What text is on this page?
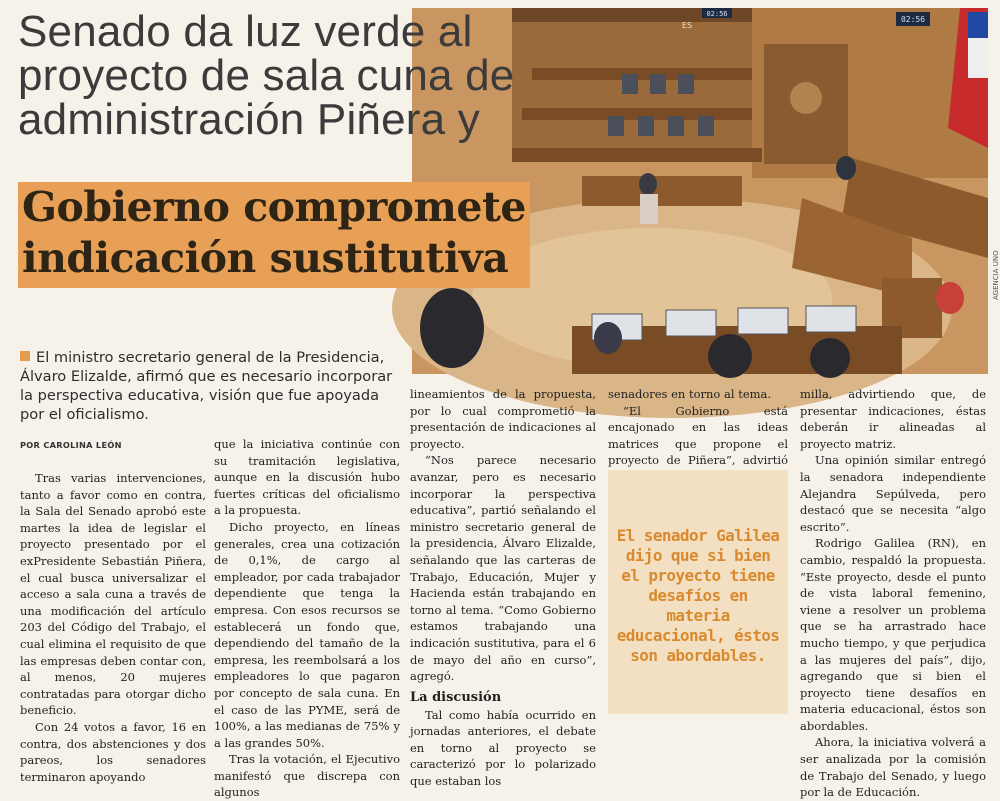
02:56
02:56
ES
AGENCIA UNO
Senado da luz verde al
proyecto de sala cuna de
administración Piñera y
Gobierno compromete
indicación sustitutiva
El ministro secretario general de la Presidencia, Álvaro Elizalde, afirmó que es necesario incorporar la perspectiva educativa, visión que fue apoyada por el oficialismo.
POR CAROLINA LEÓN

Tras varias intervenciones, tanto a favor como en contra, la Sala del Senado aprobó este martes la idea de legislar el proyecto presentado por el exPresidente Sebastián Piñera, el cual busca universalizar el acceso a sala cuna a través de una modificación del artículo 203 del Código del Trabajo, el cual elimina el requisito de que las empresas deben contar con, al menos, 20 mujeres contratadas para otorgar dicho beneficio.

Con 24 votos a favor, 16 en contra, dos abstenciones y dos pareos, los senadores terminaron apoyando

que la iniciativa continúe con su tramitación legislativa, aunque en la discusión hubo fuertes críticas del oficialismo a la propuesta.

Dicho proyecto, en líneas generales, crea una cotización de 0,1%, de cargo al empleador, por cada trabajador dependiente que tenga la empresa. Con esos recursos se establecerá un fondo que, dependiendo del tamaño de la empresa, les reembolsará a los empleadores lo que pagaron por concepto de sala cuna. En el caso de las PYME, será de 100%, a las medianas de 75% y a las grandes 50%.

Tras la votación, el Ejecutivo manifestó que discrepa con algunos

lineamientos de la propuesta, por lo cual comprometió la presentación de indicaciones al proyecto.

“Nos parece necesario avanzar, pero es necesario incorporar la perspectiva educativa”, partió señalando el ministro secretario general de la presidencia, Álvaro Elizalde, señalando que las carteras de Trabajo, Educación, Mujer y Hacienda están trabajando en torno al tema. “Como Gobierno estamos trabajando una indicación sustitutiva, para el 6 de mayo del año en curso”, agregó.

La discusión

Tal como había ocurrido en jornadas anteriores, el debate en torno al proyecto se caracterizó por lo polarizado que estaban los

senadores en torno al tema.

“El Gobierno está encajonado en las ideas matrices que propone el proyecto de Piñera”, advirtió

El senador Galilea dijo que si bien el proyecto tiene desafíos en materia educacional, éstos son abordables.

milla, advirtiendo que, de presentar indicaciones, éstas deberán ir alineadas al proyecto matriz.

Una opinión similar entregó la senadora independiente Alejandra Sepúlveda, pero destacó que se necesita “algo escrito”.

Rodrigo Galilea (RN), en cambio, respaldó la propuesta. “Este proyecto, desde el punto de vista laboral femenino, viene a resolver un problema que se ha arrastrado hace mucho tiempo, y que perjudica a las mujeres del país”, dijo, agregando que si bien el proyecto tiene desafíos en materia educacional, éstos son abordables.

Ahora, la iniciativa volverá a ser analizada por la comisión de Trabajo del Senado, y luego por la de Educación.
